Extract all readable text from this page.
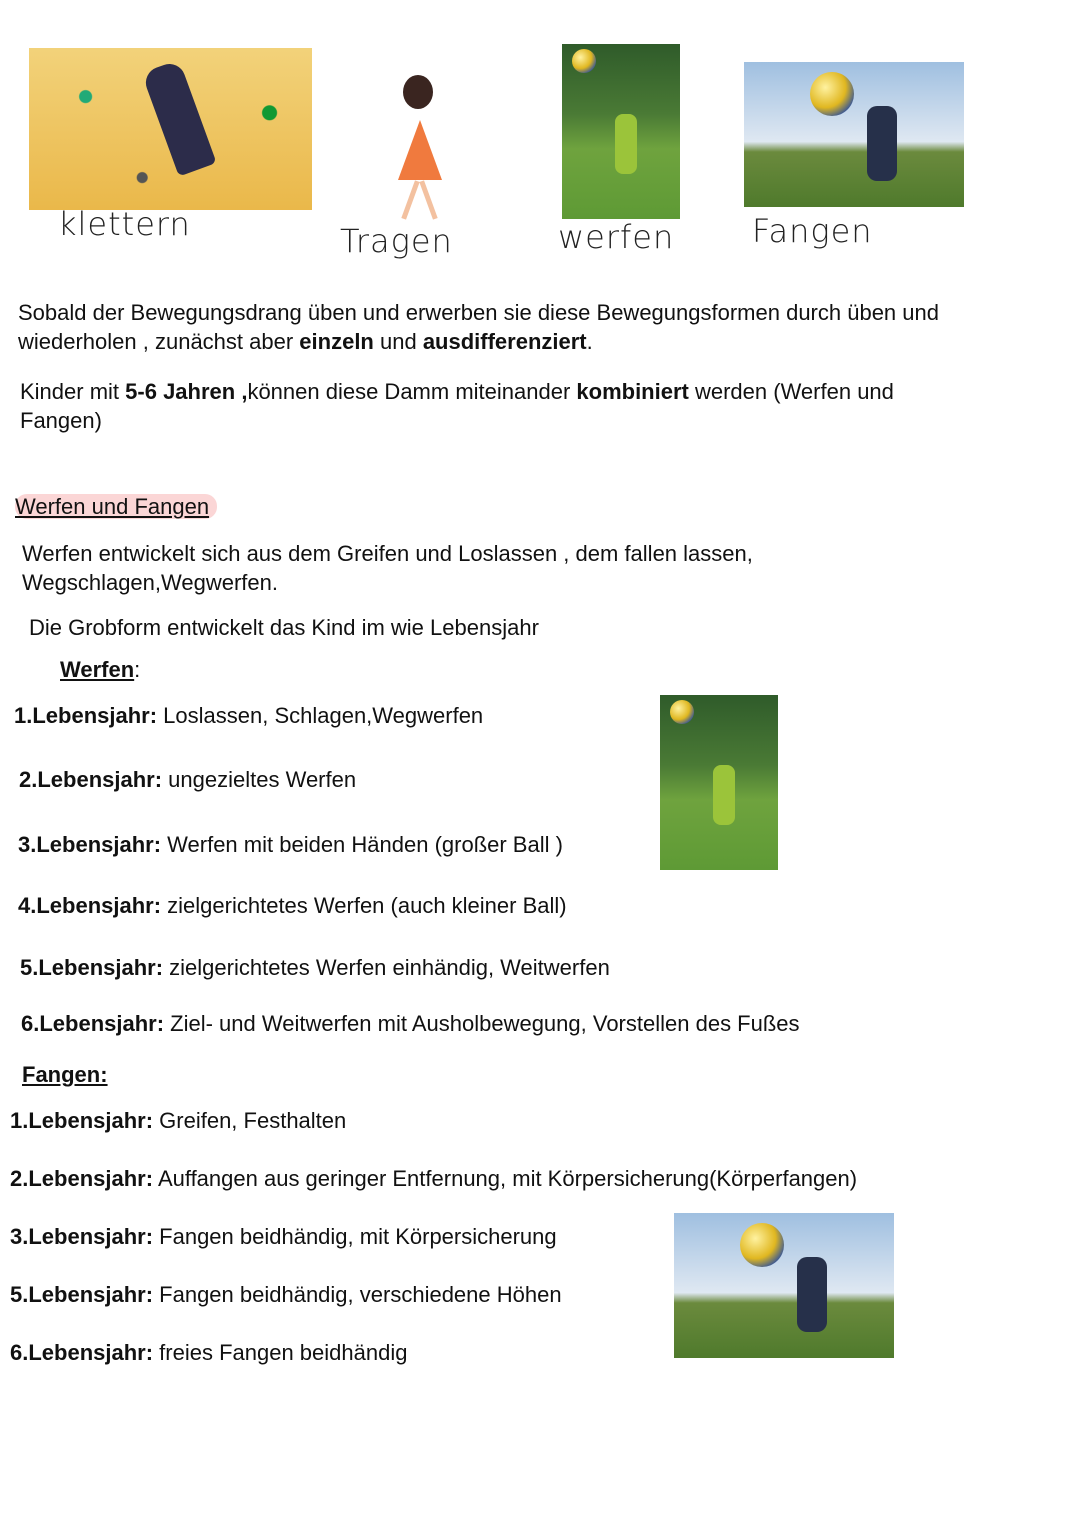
klettern	Tragen	werfen Fangen
Sobald der Bewegungsdrang üben und erwerben sie diese Bewegungsformen durch üben und wiederholen , zunächst aber einzeln und ausdifferenziert.
Kinder mit 5-6 Jahren ,können diese Damm miteinander kombiniert werden (Werfen und Fangen)
Werfen und Fangen
Werfen entwickelt sich aus dem Greifen und Loslassen , dem fallen lassen, Wegschlagen,Wegwerfen.
Die Grobform entwickelt das Kind im wie Lebensjahr
Werfen:
1.Lebensjahr: Loslassen, Schlagen,Wegwerfen
2.Lebensjahr: ungezieltes Werfen
3.Lebensjahr: Werfen mit beiden Händen (großer Ball )
4.Lebensjahr: zielgerichtetes Werfen (auch kleiner Ball)
5.Lebensjahr: zielgerichtetes Werfen einhändig, Weitwerfen
6.Lebensjahr: Ziel- und Weitwerfen mit Ausholbewegung, Vorstellen des Fußes
Fangen:
1.Lebensjahr: Greifen, Festhalten
2.Lebensjahr: Auffangen aus geringer Entfernung, mit Körpersicherung(Körperfangen)
3.Lebensjahr: Fangen beidhändig, mit Körpersicherung
5.Lebensjahr: Fangen beidhändig, verschiedene Höhen
6.Lebensjahr: freies Fangen beidhändig
